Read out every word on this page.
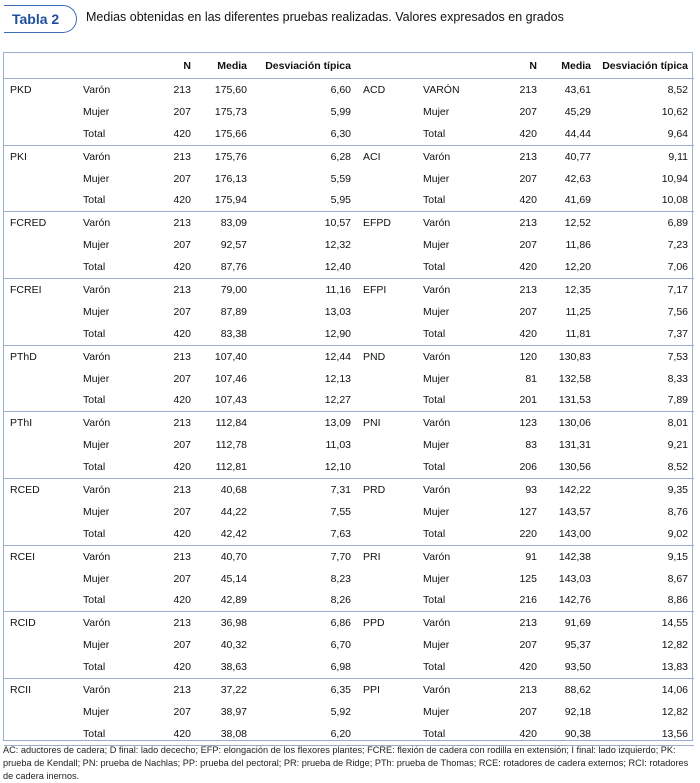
Tabla 2 Medias obtenidas en las diferentes pruebas realizadas. Valores expresados en grados
		N	Media	Desviación típica			N	Media	Desviación típica
PKD	Varón	213	175,60	6,60	ACD	VARÓN	213	43,61	8,52
	Mujer	207	175,73	5,99		Mujer	207	45,29	10,62
	Total	420	175,66	6,30		Total	420	44,44	9,64
PKI	Varón	213	175,76	6,28	ACI	Varón	213	40,77	9,11
	Mujer	207	176,13	5,59		Mujer	207	42,63	10,94
	Total	420	175,94	5,95		Total	420	41,69	10,08
FCRED	Varón	213	83,09	10,57	EFPD	Varón	213	12,52	6,89
	Mujer	207	92,57	12,32		Mujer	207	11,86	7,23
	Total	420	87,76	12,40		Total	420	12,20	7,06
FCREI	Varón	213	79,00	11,16	EFPI	Varón	213	12,35	7,17
	Mujer	207	87,89	13,03		Mujer	207	11,25	7,56
	Total	420	83,38	12,90		Total	420	11,81	7,37
PThD	Varón	213	107,40	12,44	PND	Varón	120	130,83	7,53
	Mujer	207	107,46	12,13		Mujer	81	132,58	8,33
	Total	420	107,43	12,27		Total	201	131,53	7,89
PThI	Varón	213	112,84	13,09	PNI	Varón	123	130,06	8,01
	Mujer	207	112,78	11,03		Mujer	83	131,31	9,21
	Total	420	112,81	12,10		Total	206	130,56	8,52
RCED	Varón	213	40,68	7,31	PRD	Varón	93	142,22	9,35
	Mujer	207	44,22	7,55		Mujer	127	143,57	8,76
	Total	420	42,42	7,63		Total	220	143,00	9,02
RCEI	Varón	213	40,70	7,70	PRI	Varón	91	142,38	9,15
	Mujer	207	45,14	8,23		Mujer	125	143,03	8,67
	Total	420	42,89	8,26		Total	216	142,76	8,86
RCID	Varón	213	36,98	6,86	PPD	Varón	213	91,69	14,55
	Mujer	207	40,32	6,70		Mujer	207	95,37	12,82
	Total	420	38,63	6,98		Total	420	93,50	13,83
RCII	Varón	213	37,22	6,35	PPI	Varón	213	88,62	14,06
	Mujer	207	38,97	5,92		Mujer	207	92,18	12,82
	Total	420	38,08	6,20		Total	420	90,38	13,56
AC: aductores de cadera; D final: lado dececho; EFP: elongación de los flexores plantes; FCRE: flexión de cadera con rodilla en extensión; I final: lado izquierdo; PK: prueba de Kendall; PN: prueba de Nachlas; PP: prueba del pectoral; PR: prueba de Ridge; PTh: prueba de Thomas; RCE: rotadores de cadera externos; RCI: rotadores de cadera inernos.
